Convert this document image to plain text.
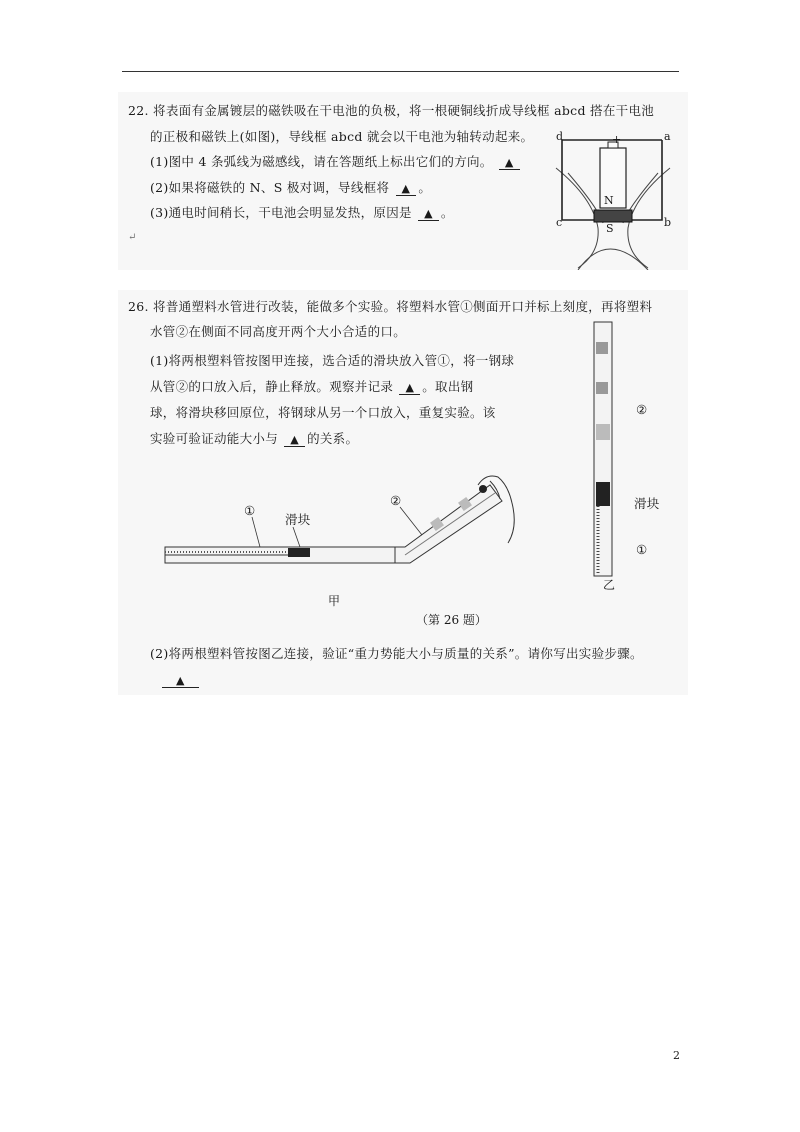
22. 将表面有金属镀层的磁铁吸在干电池的负极，将一根硬铜线折成导线框 abcd 搭在干电池
的正极和磁铁上(如图)，导线框 abcd 就会以干电池为轴转动起来。
(1)图中 4 条弧线为磁感线，请在答题纸上标出它们的方向。 ▲
(2)如果将磁铁的 N、S 极对调，导线框将 ▲ 。
(3)通电时间稍长，干电池会明显发热，原因是 ▲ 。
↵
d	a
c	b
+
N
S
26. 将普通塑料水管进行改装，能做多个实验。将塑料水管①侧面开口并标上刻度，再将塑料
水管②在侧面不同高度开两个大小合适的口。
(1)将两根塑料管按图甲连接，选合适的滑块放入管①，将一钢球
从管②的口放入后，静止释放。观察并记录 ▲ 。取出钢
球，将滑块移回原位，将钢球从另一个口放入，重复实验。该
实验可验证动能大小与 ▲ 的关系。
①
滑块
②
甲
②
滑块
①
乙
（第 26 题）
(2)将两根塑料管按图乙连接，验证“重力势能大小与质量的关系”。请你写出实验步骤。
▲
2
